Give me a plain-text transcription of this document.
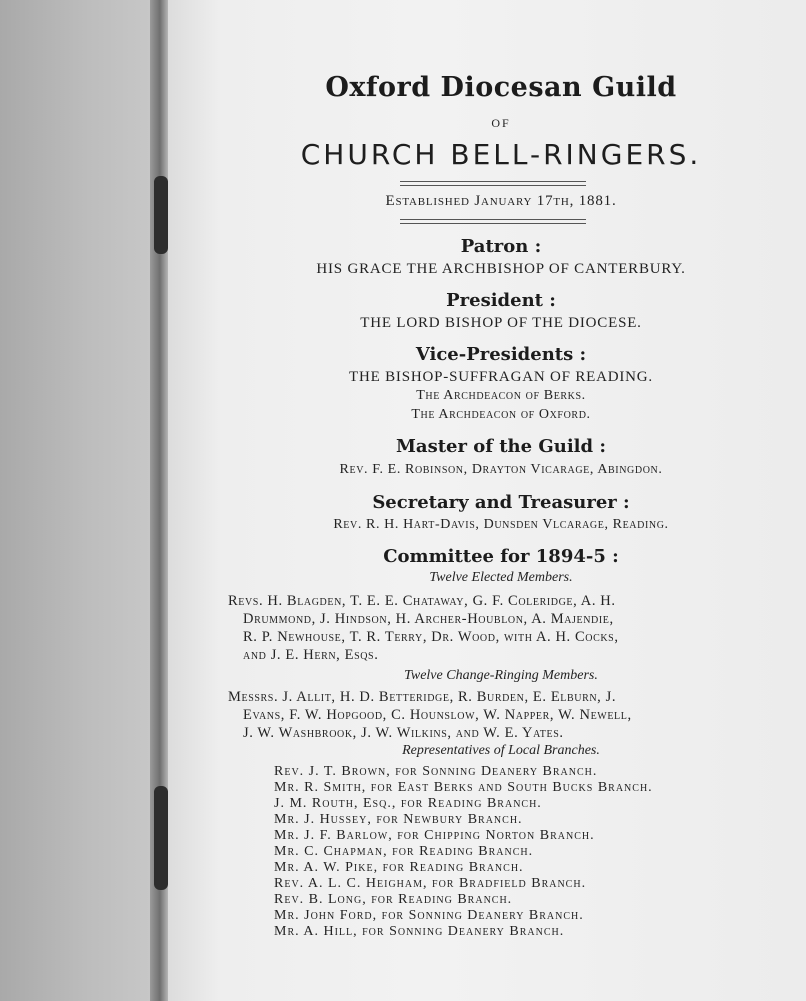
Oxford Diocesan Guild
OF
CHURCH BELL-RINGERS.
Established January 17th, 1881.
Patron :
HIS GRACE THE ARCHBISHOP OF CANTERBURY.
President :
THE LORD BISHOP OF THE DIOCESE.
Vice-Presidents :
THE BISHOP-SUFFRAGAN OF READING.
The Archdeacon of Berks.
The Archdeacon of Oxford.
Master of the Guild :
Rev. F. E. Robinson, Drayton Vicarage, Abingdon.
Secretary and Treasurer :
Rev. R. H. Hart-Davis, Dunsden Vlcarage, Reading.
Committee for 1894-5 :
Twelve Elected Members.
Revs. H. Blagden, T. E. E. Chataway, G. F. Coleridge, A. H.
Drummond, J. Hindson, H. Archer-Houblon, A. Majendie,
R. P. Newhouse, T. R. Terry, Dr. Wood, with A. H. Cocks,
and J. E. Hern, Esqs.
Twelve Change-Ringing Members.
Messrs. J. Allit, H. D. Betteridge, R. Burden, E. Elburn, J.
Evans, F. W. Hopgood, C. Hounslow, W. Napper, W. Newell,
J. W. Washbrook, J. W. Wilkins, and W. E. Yates.
Representatives of Local Branches.
Rev. J. T. Brown, for Sonning Deanery Branch.
Mr. R. Smith, for East Berks and South Bucks Branch.
J. M. Routh, Esq., for Reading Branch.
Mr. J. Hussey, for Newbury Branch.
Mr. J. F. Barlow, for Chipping Norton Branch.
Mr. C. Chapman, for Reading Branch.
Mr. A. W. Pike, for Reading Branch.
Rev. A. L. C. Heigham, for Bradfield Branch.
Rev. B. Long, for Reading Branch.
Mr. John Ford, for Sonning Deanery Branch.
Mr. A. Hill, for Sonning Deanery Branch.
